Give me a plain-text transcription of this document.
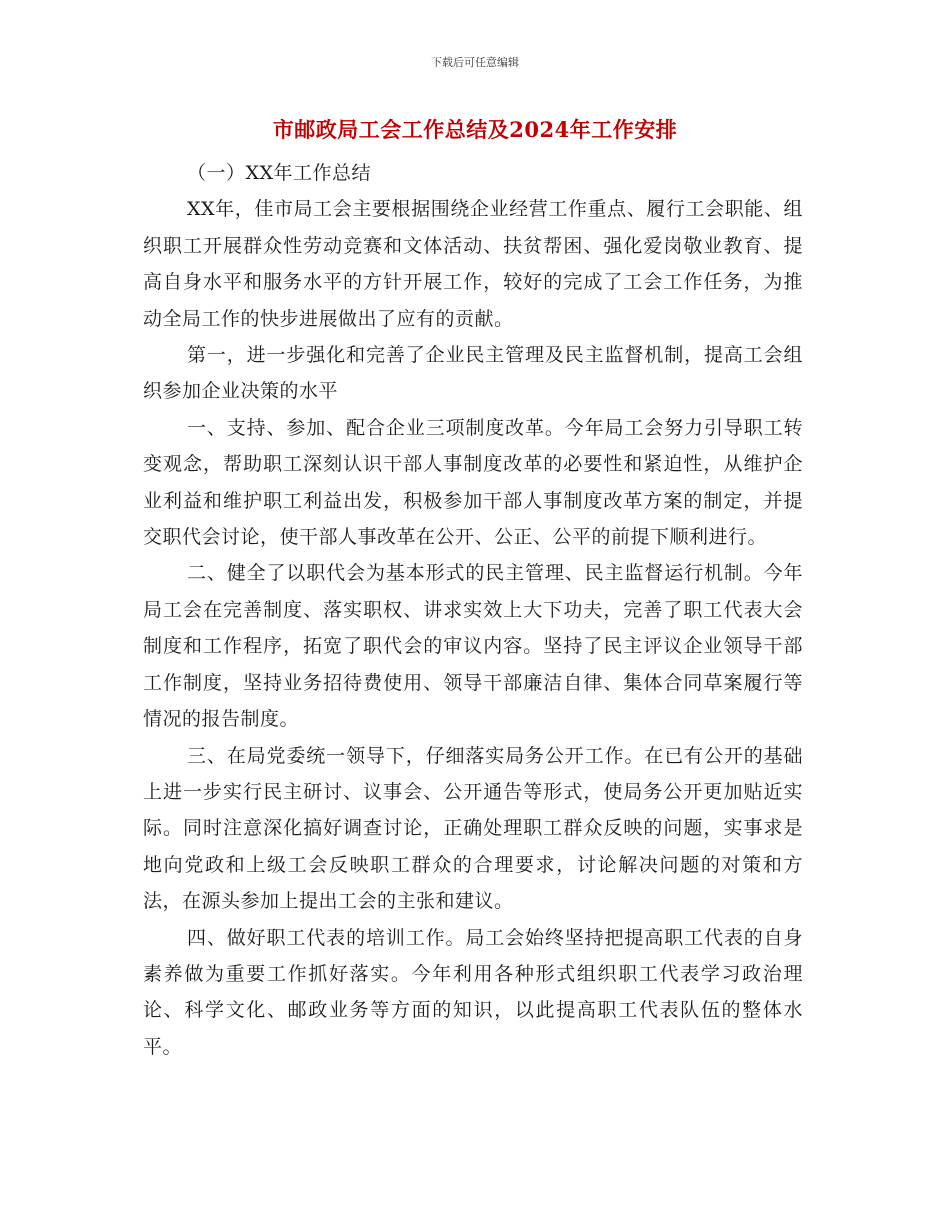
下载后可任意编辑
市邮政局工会工作总结及2024年工作安排

（一）XX年工作总结

XX年，佳市局工会主要根据围绕企业经营工作重点、履行工会职能、组织职工开展群众性劳动竞赛和文体活动、扶贫帮困、强化爱岗敬业教育、提高自身水平和服务水平的方针开展工作，较好的完成了工会工作任务，为推动全局工作的快步进展做出了应有的贡献。

第一，进一步强化和完善了企业民主管理及民主监督机制，提高工会组织参加企业决策的水平

一、支持、参加、配合企业三项制度改革。今年局工会努力引导职工转变观念，帮助职工深刻认识干部人事制度改革的必要性和紧迫性，从维护企业利益和维护职工利益出发，积极参加干部人事制度改革方案的制定，并提交职代会讨论，使干部人事改革在公开、公正、公平的前提下顺利进行。

二、健全了以职代会为基本形式的民主管理、民主监督运行机制。今年局工会在完善制度、落实职权、讲求实效上大下功夫，完善了职工代表大会制度和工作程序，拓宽了职代会的审议内容。坚持了民主评议企业领导干部工作制度，坚持业务招待费使用、领导干部廉洁自律、集体合同草案履行等情况的报告制度。

三、在局党委统一领导下，仔细落实局务公开工作。在已有公开的基础上进一步实行民主研讨、议事会、公开通告等形式，使局务公开更加贴近实际。同时注意深化搞好调查讨论，正确处理职工群众反映的问题，实事求是地向党政和上级工会反映职工群众的合理要求，讨论解决问题的对策和方法，在源头参加上提出工会的主张和建议。

四、做好职工代表的培训工作。局工会始终坚持把提高职工代表的自身素养做为重要工作抓好落实。今年利用各种形式组织职工代表学习政治理论、科学文化、邮政业务等方面的知识，以此提高职工代表队伍的整体水平。
